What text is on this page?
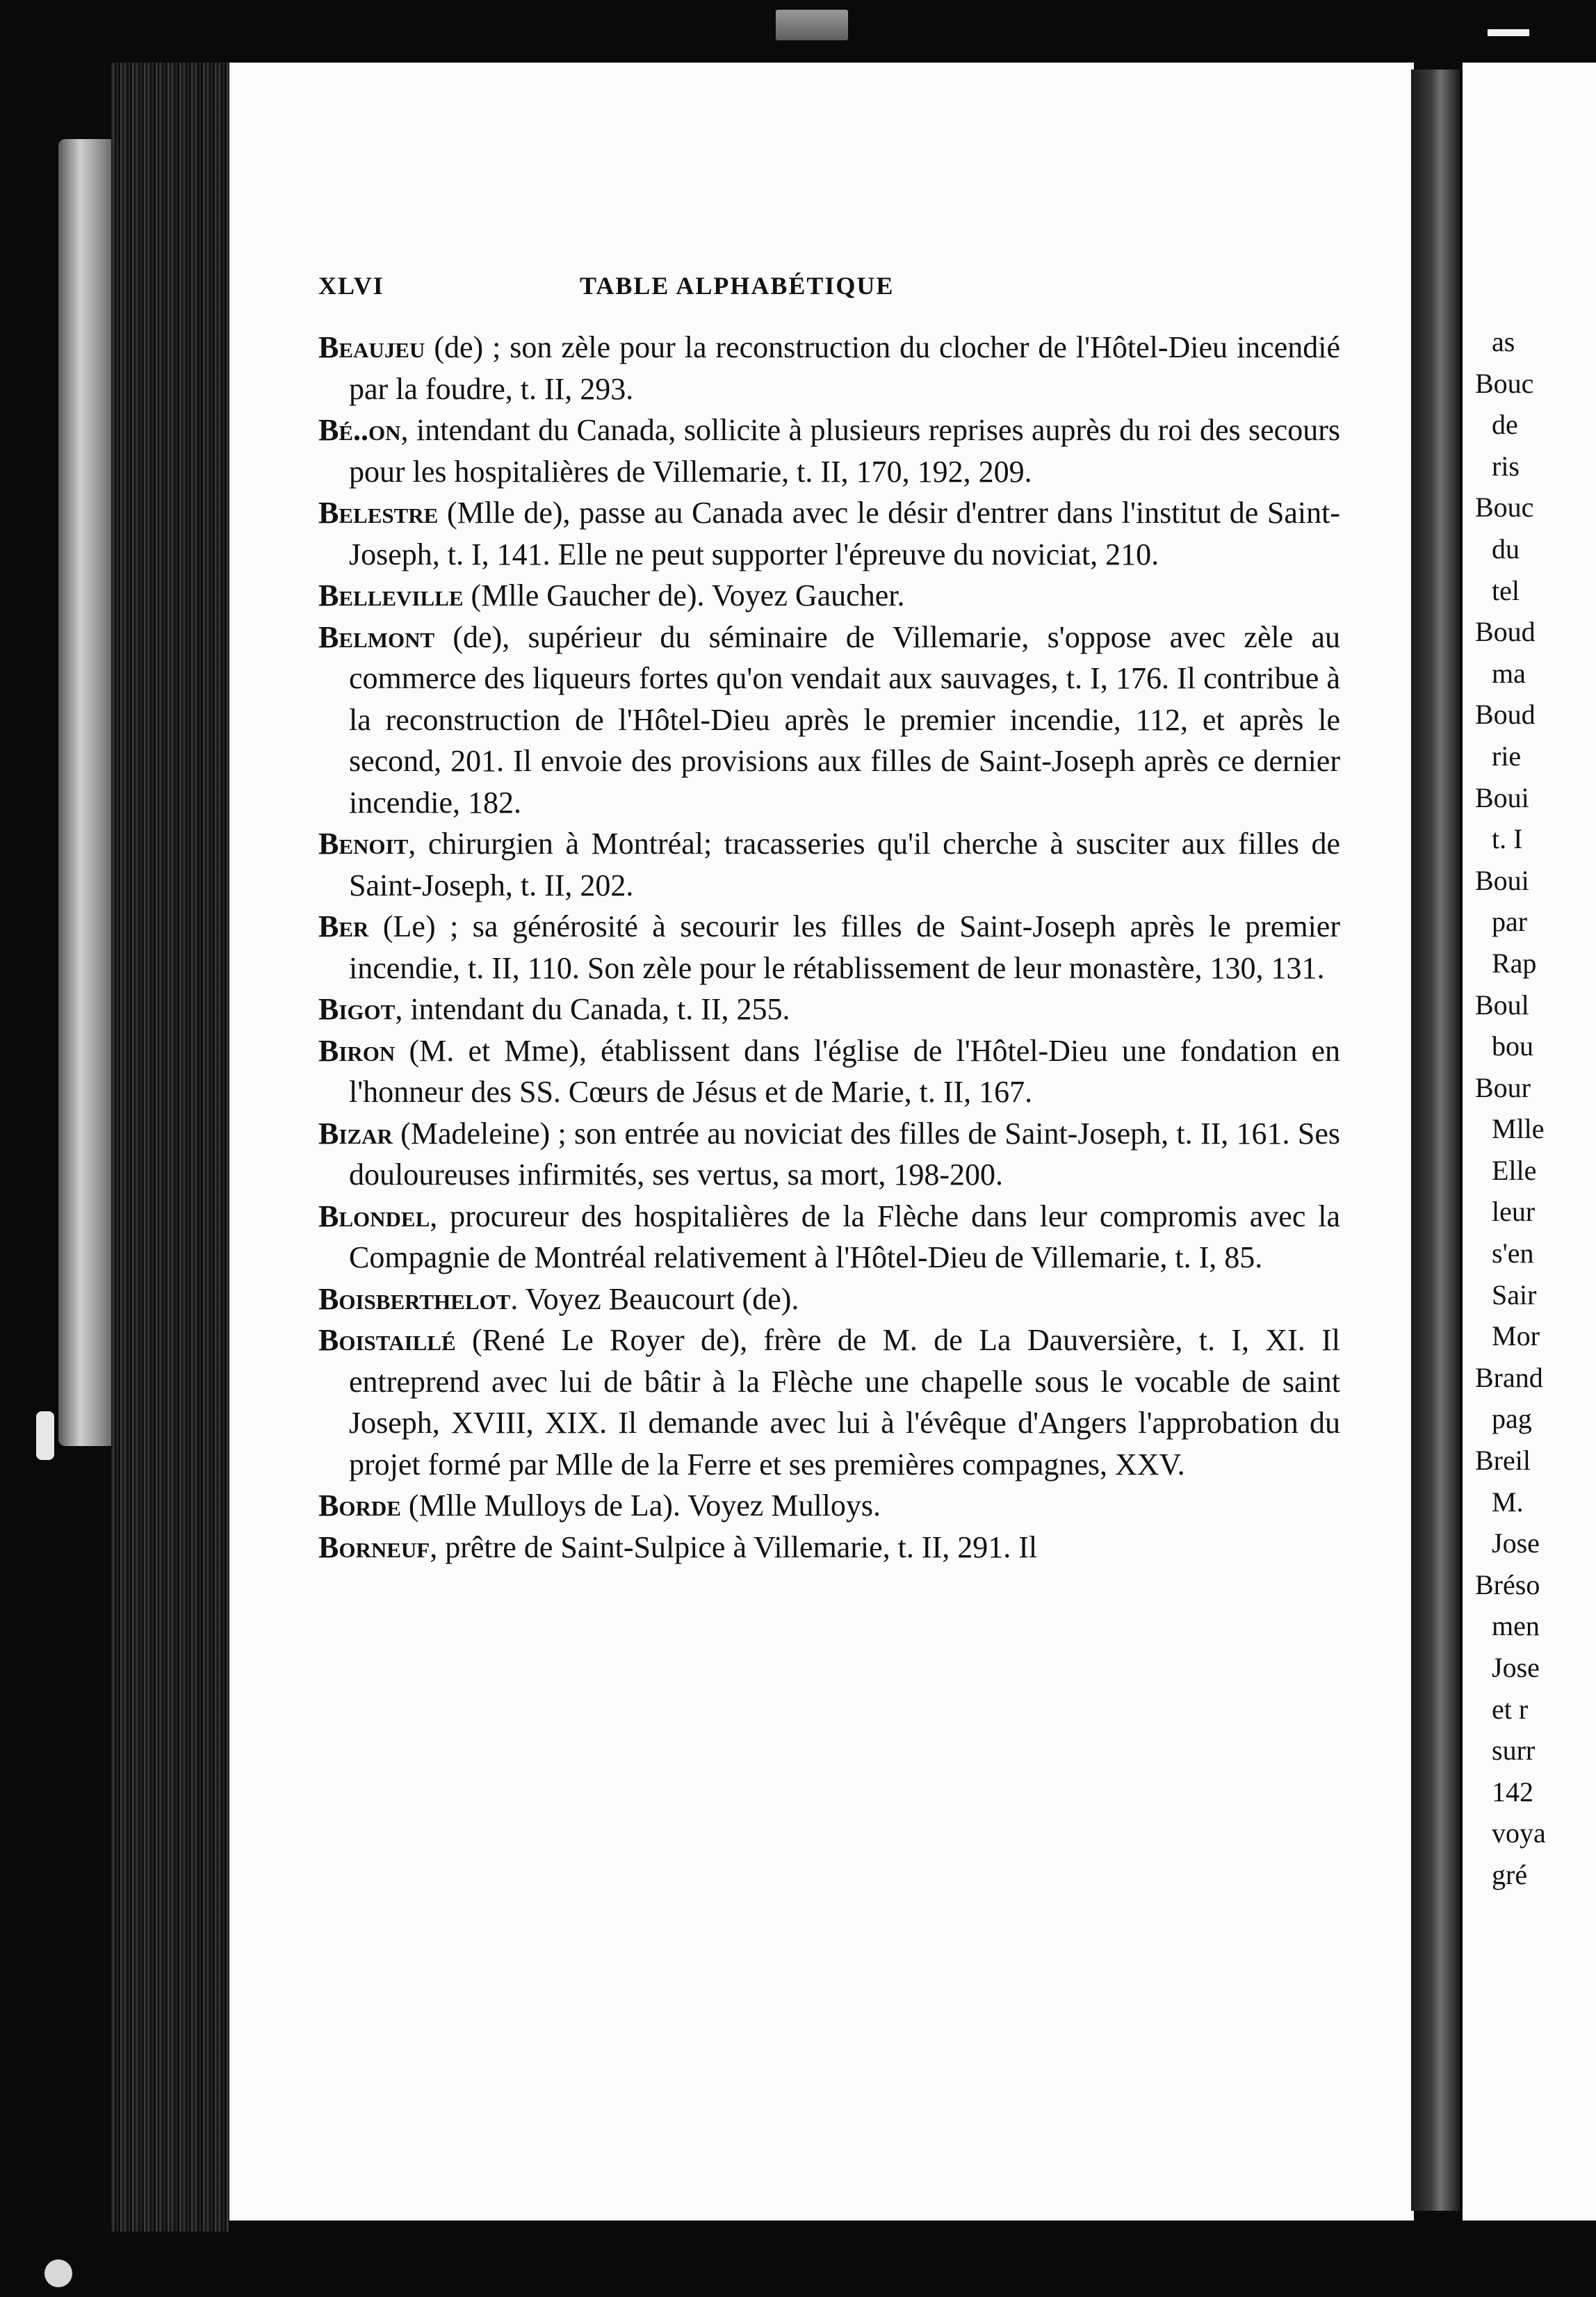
XLVI	TABLE ALPHABÉTIQUE
Beaujeu (de) ; son zèle pour la reconstruction du clocher de l'Hôtel-Dieu incendié par la foudre, t. II, 293.
Bé..on, intendant du Canada, sollicite à plusieurs reprises auprès du roi des secours pour les hospitalières de Villemarie, t. II, 170, 192, 209.
Belestre (Mlle de), passe au Canada avec le désir d'entrer dans l'institut de Saint-Joseph, t. I, 141. Elle ne peut supporter l'épreuve du noviciat, 210.
Belleville (Mlle Gaucher de). Voyez Gaucher.
Belmont (de), supérieur du séminaire de Villemarie, s'oppose avec zèle au commerce des liqueurs fortes qu'on vendait aux sauvages, t. I, 176. Il contribue à la reconstruction de l'Hôtel-Dieu après le premier incendie, 112, et après le second, 201. Il envoie des provisions aux filles de Saint-Joseph après ce dernier incendie, 182.
Benoit, chirurgien à Montréal; tracasseries qu'il cherche à susciter aux filles de Saint-Joseph, t. II, 202.
Ber (Le) ; sa générosité à secourir les filles de Saint-Joseph après le premier incendie, t. II, 110. Son zèle pour le rétablissement de leur monastère, 130, 131.
Bigot, intendant du Canada, t. II, 255.
Biron (M. et Mme), établissent dans l'église de l'Hôtel-Dieu une fondation en l'honneur des SS. Cœurs de Jésus et de Marie, t. II, 167.
Bizar (Madeleine) ; son entrée au noviciat des filles de Saint-Joseph, t. II, 161. Ses douloureuses infirmités, ses vertus, sa mort, 198-200.
Blondel, procureur des hospitalières de la Flèche dans leur compromis avec la Compagnie de Montréal relativement à l'Hôtel-Dieu de Villemarie, t. I, 85.
Boisberthelot. Voyez Beaucourt (de).
Boistaillé (René Le Royer de), frère de M. de La Dauversière, t. I, XI. Il entreprend avec lui de bâtir à la Flèche une chapelle sous le vocable de saint Joseph, XVIII, XIX. Il demande avec lui à l'évêque d'Angers l'approbation du projet formé par Mlle de la Ferre et ses premières compagnes, XXV.
Borde (Mlle Mulloys de La). Voyez Mulloys.
Borneuf, prêtre de Saint-Sulpice à Villemarie, t. II, 291. Il
as
Bouc
de
ris
Bouc
du
tel
Boud
ma
Boud
rie
Boui
t. I
Boui
par
Rap
Boul
bou
Bour
Mlle
Elle
leur
s'en
Sair
Mor
Brand
pag
Breil
M.
Jose
Bréso
men
Jose
et r
surr
142
voya
gré
